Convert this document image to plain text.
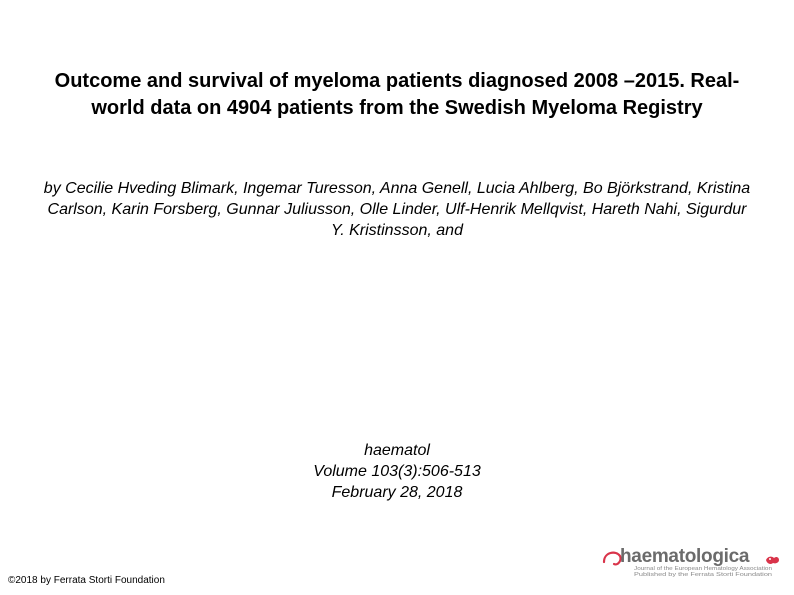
Outcome and survival of myeloma patients diagnosed 2008 –2015. Real-world data on 4904 patients from the Swedish Myeloma Registry

by Cecilie Hveding Blimark, Ingemar Turesson, Anna Genell, Lucia Ahlberg, Bo Björkstrand, Kristina Carlson, Karin Forsberg, Gunnar Juliusson, Olle Linder, Ulf-Henrik Mellqvist, Hareth Nahi, Sigurdur Y. Kristinsson, and

haematol
Volume 103(3):506-513
February 28, 2018
©2018 by Ferrata Storti Foundation
haematologica
Journal of the European Hematology Association
Published by the Ferrata Storti Foundation
